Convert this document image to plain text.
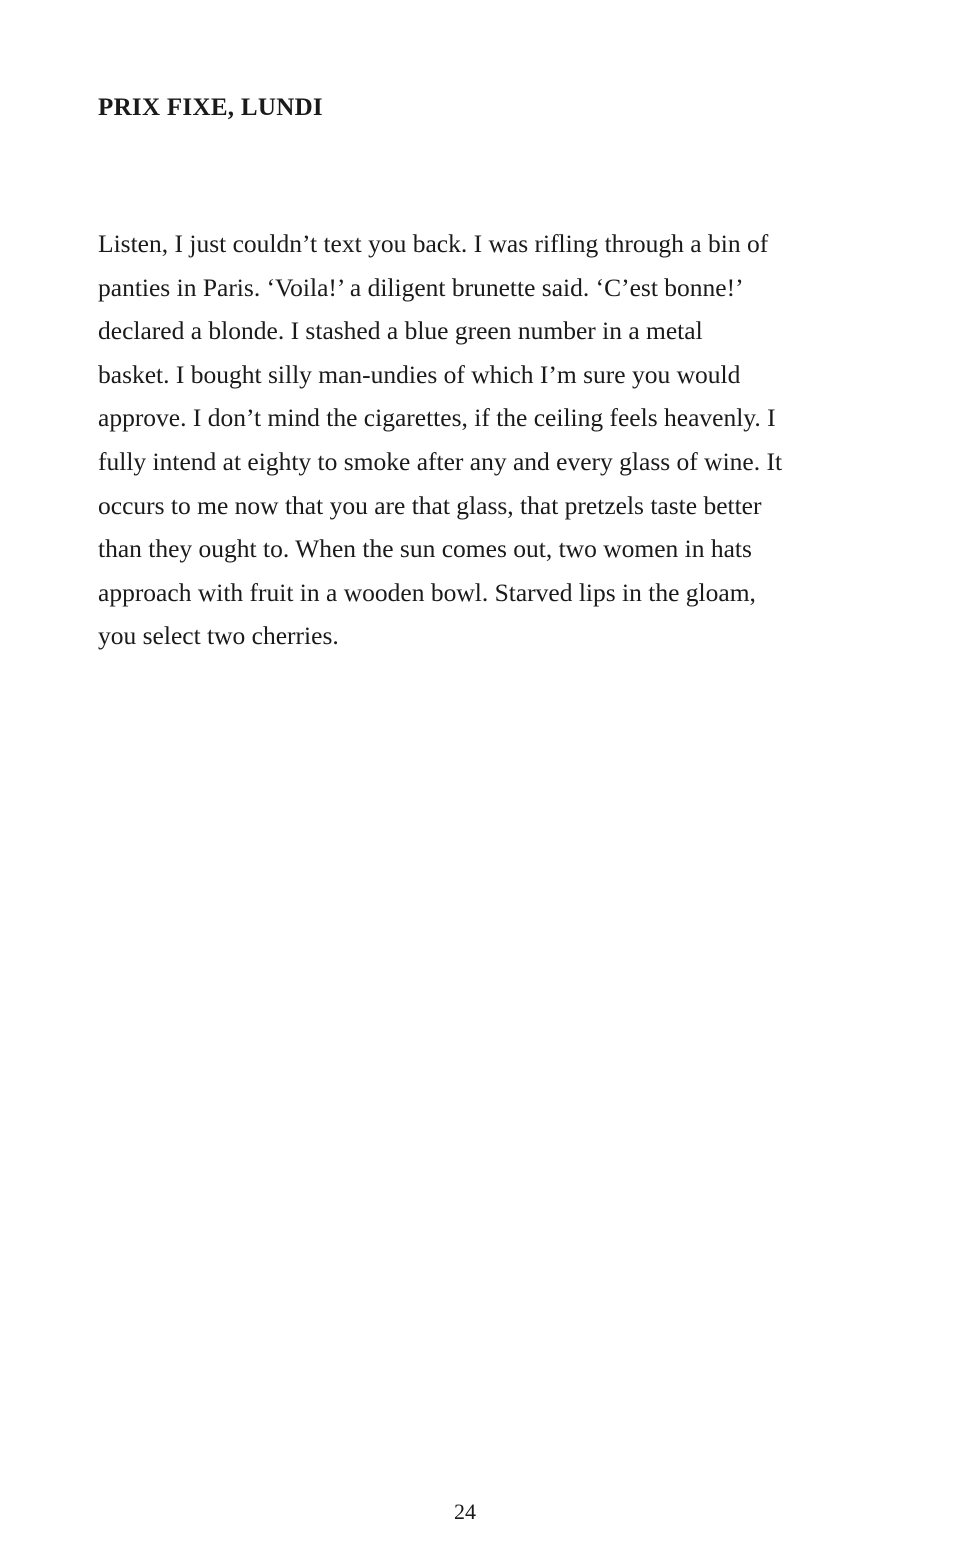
PRIX FIXE, LUNDI

Listen, I just couldn’t text you back. I was rifling through a bin of
panties in Paris. ‘Voila!’ a diligent brunette said. ‘C’est bonne!’
declared a blonde. I stashed a blue green number in a metal
basket. I bought silly man-undies of which I’m sure you would
approve. I don’t mind the cigarettes, if the ceiling feels heavenly. I
fully intend at eighty to smoke after any and every glass of wine. It
occurs to me now that you are that glass, that pretzels taste better
than they ought to. When the sun comes out, two women in hats
approach with fruit in a wooden bowl. Starved lips in the gloam,
you select two cherries.

24
